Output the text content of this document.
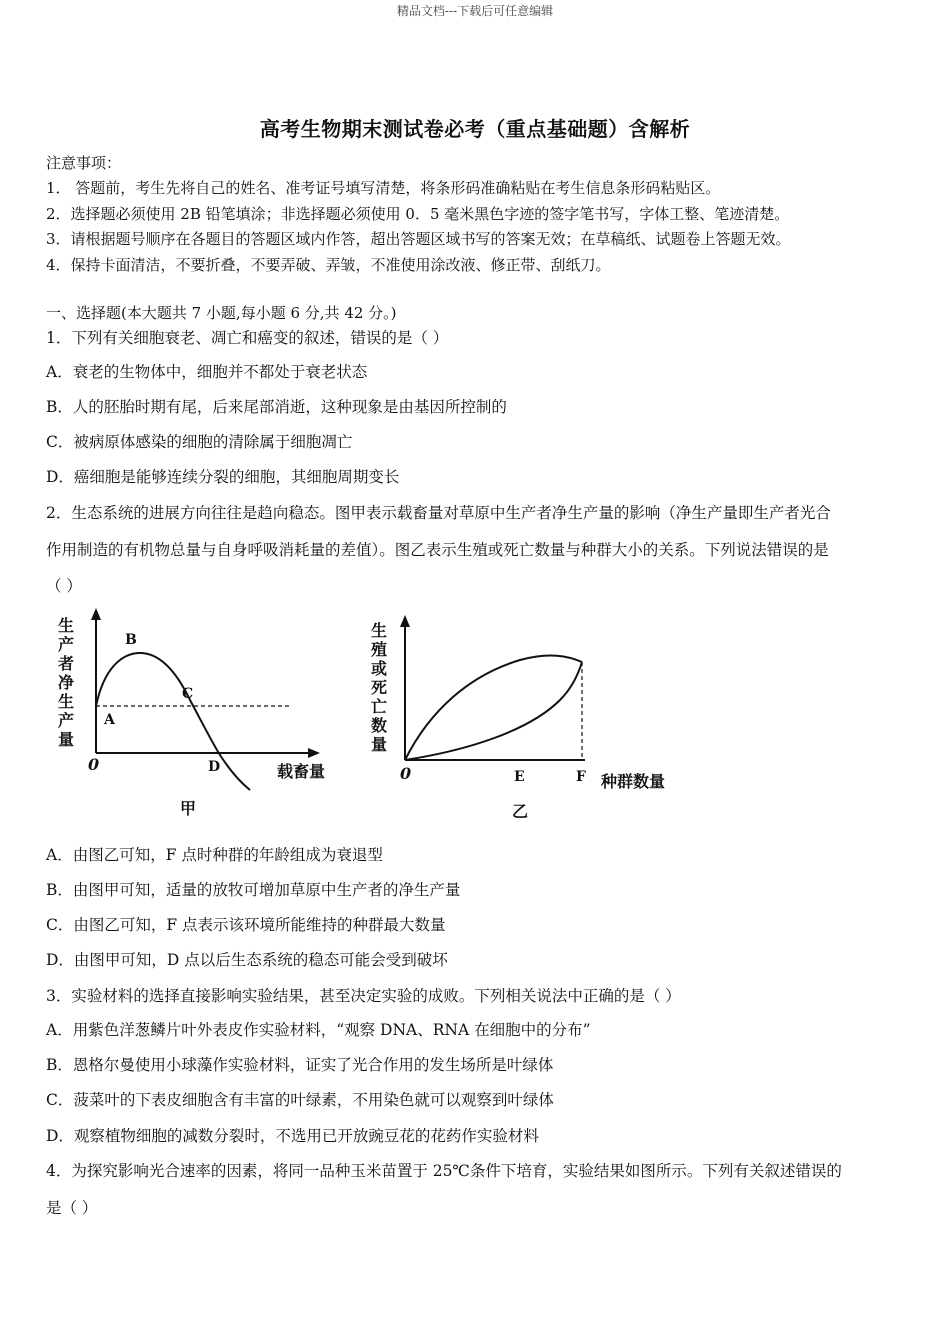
精品文档---下载后可任意编辑
高考生物期末测试卷必考（重点基础题）含解析
注意事项：
1． 答题前，考生先将自己的姓名、准考证号填写清楚，将条形码准确粘贴在考生信息条形码粘贴区。
2．选择题必须使用 2B 铅笔填涂；非选择题必须使用 0．5 毫米黑色字迹的签字笔书写，字体工整、笔迹清楚。
3．请根据题号顺序在各题目的答题区域内作答，超出答题区域书写的答案无效；在草稿纸、试题卷上答题无效。
4．保持卡面清洁，不要折叠，不要弄破、弄皱，不准使用涂改液、修正带、刮纸刀。
一、选择题(本大题共 7 小题,每小题 6 分,共 42 分。)
1．下列有关细胞衰老、凋亡和癌变的叙述，错误的是（ ）
A．衰老的生物体中，细胞并不都处于衰老状态
B．人的胚胎时期有尾，后来尾部消逝，这种现象是由基因所控制的
C．被病原体感染的细胞的清除属于细胞凋亡
D．癌细胞是能够连续分裂的细胞，其细胞周期变长
2．生态系统的进展方向往往是趋向稳态。图甲表示载畜量对草原中生产者净生产量的影响（净生产量即生产者光合
作用制造的有机物总量与自身呼吸消耗量的差值）。图乙表示生殖或死亡数量与种群大小的关系。下列说法错误的是
（ ）
生
产
者
净
生
产
量
0
A
B
C
D	载畜量
甲
生
殖
或
死
亡
数
量
0	E	F 种群数量
乙
A．由图乙可知，F 点时种群的年龄组成为衰退型
B．由图甲可知，适量的放牧可增加草原中生产者的净生产量
C．由图乙可知，F 点表示该环境所能维持的种群最大数量
D．由图甲可知，D 点以后生态系统的稳态可能会受到破坏
3．实验材料的选择直接影响实验结果，甚至决定实验的成败。下列相关说法中正确的是（ ）
A．用紫色洋葱鳞片叶外表皮作实验材料，“观察 DNA、RNA 在细胞中的分布”
B．恩格尔曼使用小球藻作实验材料，证实了光合作用的发生场所是叶绿体
C．菠菜叶的下表皮细胞含有丰富的叶绿素，不用染色就可以观察到叶绿体
D．观察植物细胞的减数分裂时，不选用已开放豌豆花的花药作实验材料
4．为探究影响光合速率的因素，将同一品种玉米苗置于 25℃条件下培育，实验结果如图所示。下列有关叙述错误的
是（ ）
